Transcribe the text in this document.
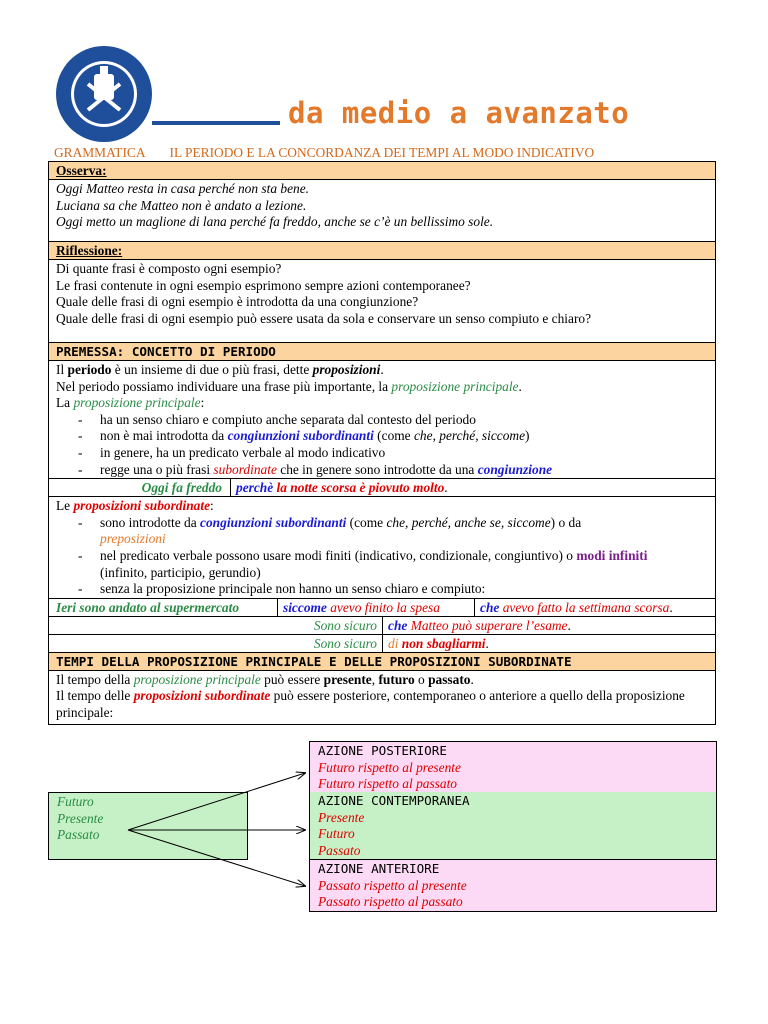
da medio a avanzato
GRAMMATICA IL PERIODO E LA CONCORDANZA DEI TEMPI AL MODO INDICATIVO
Osserva:

Oggi Matteo resta in casa perché non sta bene.

Luciana sa che Matteo non è andato a lezione.

Oggi metto un maglione di lana perché fa freddo, anche se c’è un bellissimo sole.

Riflessione:

Di quante frasi è composto ogni esempio?

Le frasi contenute in ogni esempio esprimono sempre azioni contemporanee?

Quale delle frasi di ogni esempio è introdotta da una congiunzione?

Quale delle frasi di ogni esempio può essere usata da sola e conservare un senso compiuto e chiaro?

PREMESSA: CONCETTO DI PERIODO

Il periodo è un insieme di due o più frasi, dette proposizioni.

Nel periodo possiamo individuare una frase più importante, la proposizione principale.

La proposizione principale:

- ha un senso chiaro e compiuto anche separata dal contesto del periodo
- non è mai introdotta da congiunzioni subordinanti (come che, perché, siccome)
- in genere, ha un predicato verbale al modo indicativo
- regge una o più frasi subordinate che in genere sono introdotte da una congiunzione
Oggi fa freddo	perchè la notte scorsa è piovuto molto.

Le proposizioni subordinate:

- sono introdotte da congiunzioni subordinanti (come che, perché, anche se, siccome) o da
preposizioni
- nel predicato verbale possono usare modi finiti (indicativo, condizionale, congiuntivo) o modi infiniti (infinito, participio, gerundio)
- senza la proposizione principale non hanno un senso chiaro e compiuto:
Ieri sono andato al supermercato	siccome avevo finito la spesa	che avevo fatto la settimana scorsa.
Sono sicuro che Matteo può superare l’esame.
Sono sicuro di non sbagliarmi.
TEMPI DELLA PROPOSIZIONE PRINCIPALE E DELLE PROPOSIZIONI SUBORDINATE

Il tempo della proposizione principale può essere presente, futuro o passato.

Il tempo delle proposizioni subordinate può essere posteriore, contemporaneo o anteriore a quello della proposizione principale:

Futuro
Presente
Passato
AZIONE POSTERIORE
Futuro rispetto al presente
Futuro rispetto al passato
AZIONE CONTEMPORANEA
Presente
Futuro
Passato
AZIONE ANTERIORE
Passato rispetto al presente
Passato rispetto al passato
